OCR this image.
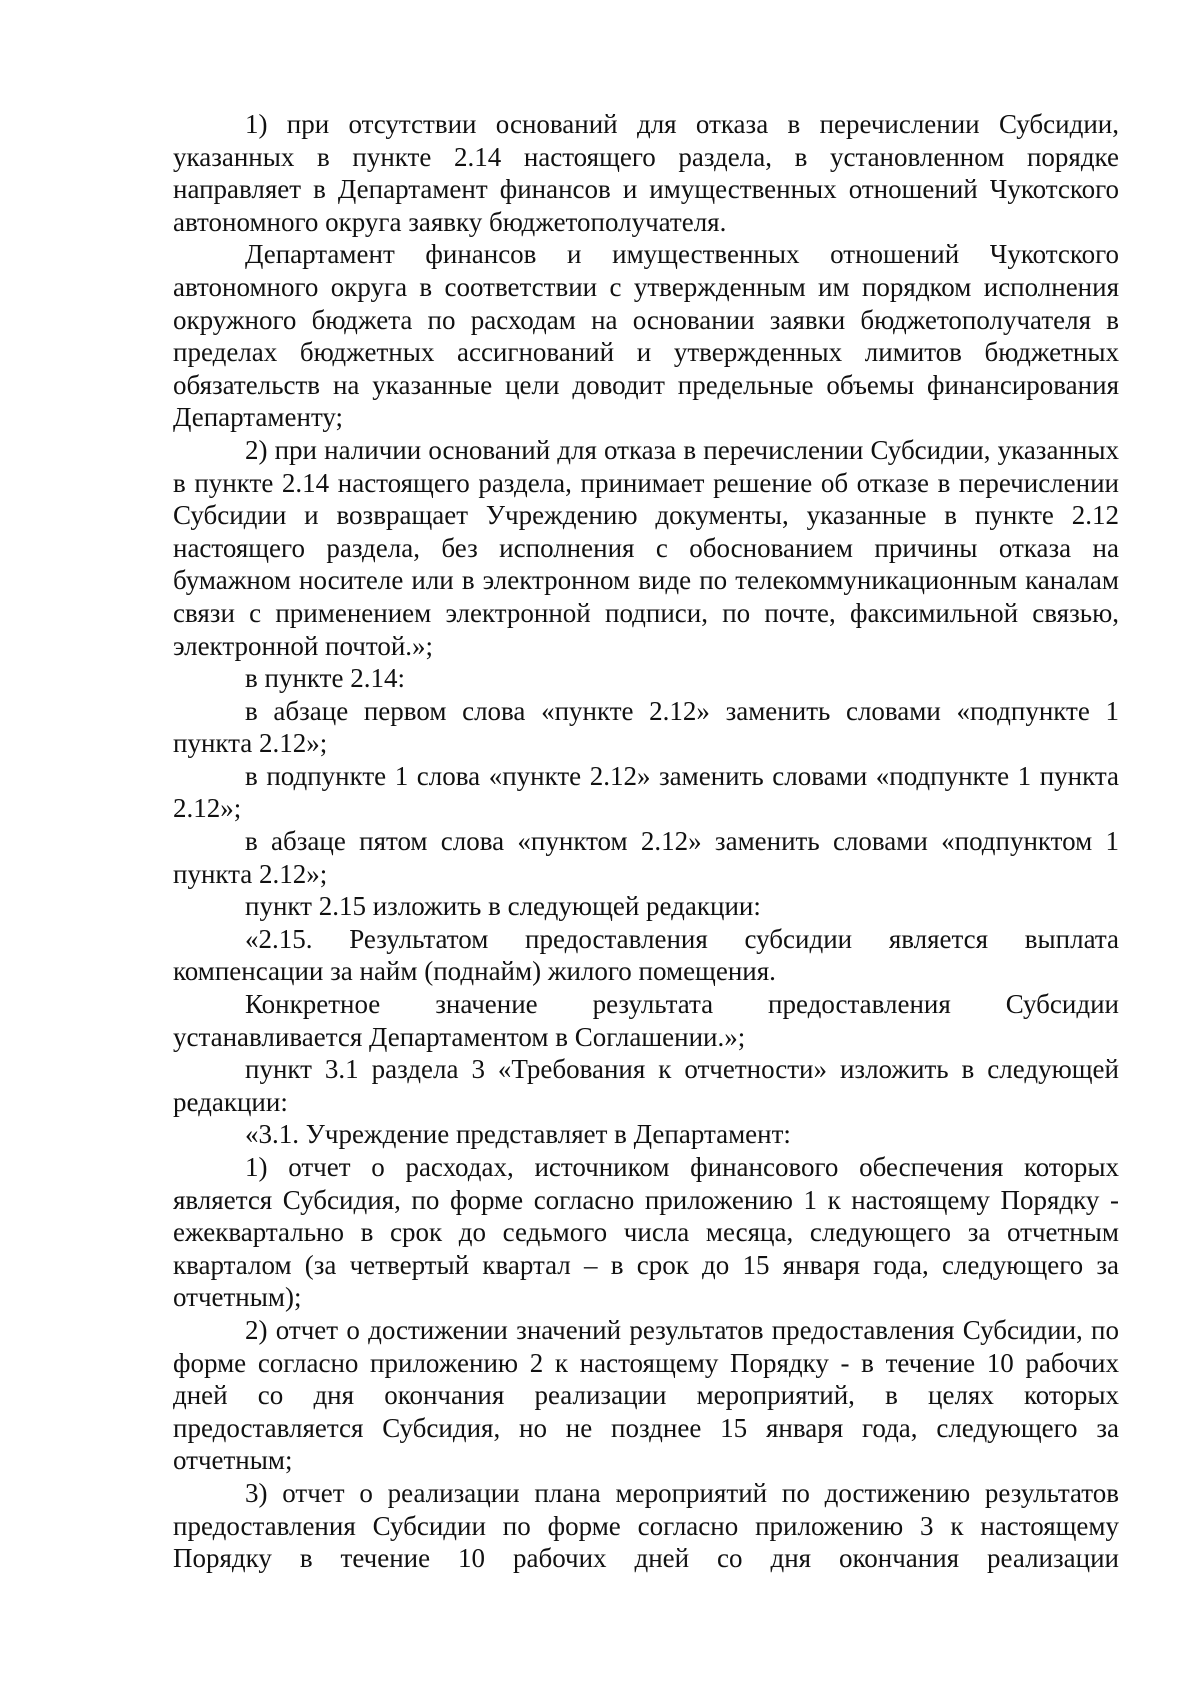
1) при отсутствии оснований для отказа в перечислении Субсидии, указанных в пункте 2.14 настоящего раздела, в установленном порядке направляет в Департамент финансов и имущественных отношений Чукотского автономного округа заявку бюджетополучателя.

Департамент финансов и имущественных отношений Чукотского автономного округа в соответствии с утвержденным им порядком исполнения окружного бюджета по расходам на основании заявки бюджетополучателя в пределах бюджетных ассигнований и утвержденных лимитов бюджетных обязательств на указанные цели доводит предельные объемы финансирования Департаменту;

2) при наличии оснований для отказа в перечислении Субсидии, указанных в пункте 2.14 настоящего раздела, принимает решение об отказе в перечислении Субсидии и возвращает Учреждению документы, указанные в пункте 2.12 настоящего раздела, без исполнения с обоснованием причины отказа на бумажном носителе или в электронном виде по телекоммуникационным каналам связи с применением электронной подписи, по почте, факсимильной связью, электронной почтой.»;

в пункте 2.14:

в абзаце первом слова «пункте 2.12» заменить словами «подпункте 1 пункта 2.12»;

в подпункте 1 слова «пункте 2.12» заменить словами «подпункте 1 пункта 2.12»;

в абзаце пятом слова «пунктом 2.12» заменить словами «подпунктом 1 пункта 2.12»;

пункт 2.15 изложить в следующей редакции:

«2.15. Результатом предоставления субсидии является выплата компенсации за найм (поднайм) жилого помещения.

Конкретное значение результата предоставления Субсидии устанавливается Департаментом в Соглашении.»;

пункт 3.1 раздела 3 «Требования к отчетности» изложить в следующей редакции:

«3.1. Учреждение представляет в Департамент:

1) отчет о расходах, источником финансового обеспечения которых является Субсидия, по форме согласно приложению 1 к настоящему Порядку - ежеквартально в срок до седьмого числа месяца, следующего за отчетным кварталом (за четвертый квартал – в срок до 15 января года, следующего за отчетным);

2) отчет о достижении значений результатов предоставления Субсидии, по форме согласно приложению 2 к настоящему Порядку - в течение 10 рабочих дней со дня окончания реализации мероприятий, в целях которых предоставляется Субсидия, но не позднее 15 января года, следующего за отчетным;

3) отчет о реализации плана мероприятий по достижению результатов предоставления Субсидии по форме согласно приложению 3 к настоящему Порядку в течение 10 рабочих дней со дня окончания реализации
